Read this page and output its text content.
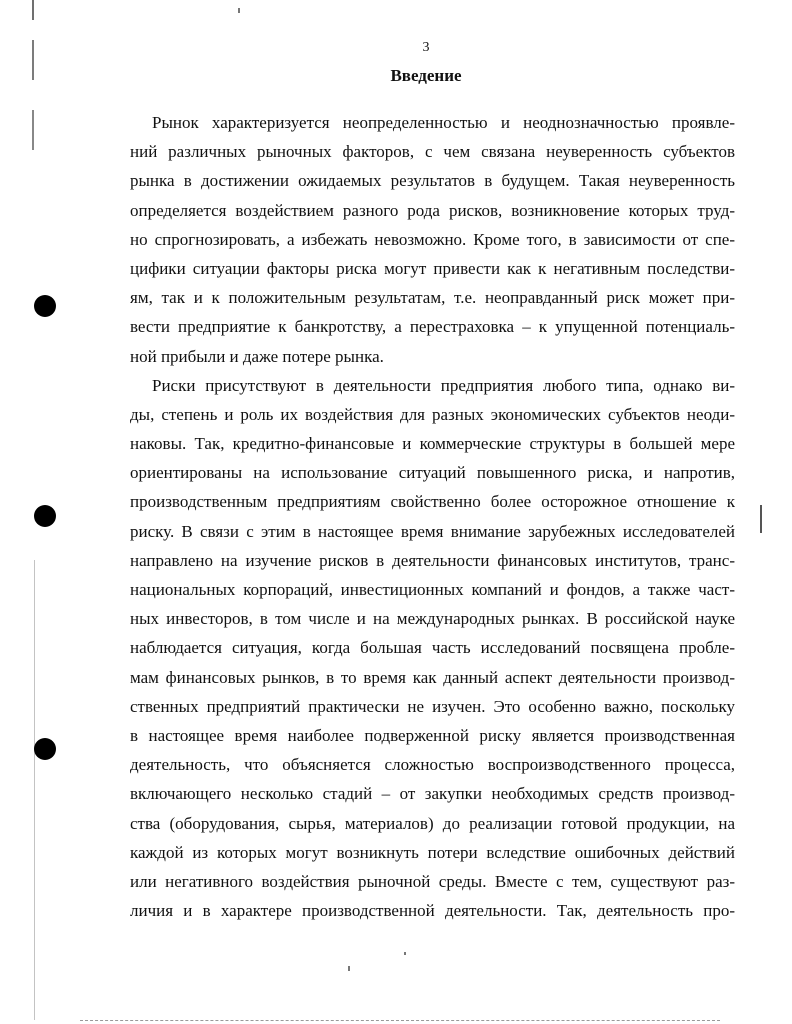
3
Введение
Рынок характеризуется неопределенностью и неоднозначностью проявле-
ний различных рыночных факторов, с чем связана неуверенность субъектов
рынка в достижении ожидаемых результатов в будущем. Такая неуверенность
определяется воздействием разного рода рисков, возникновение которых труд-
но спрогнозировать, а избежать невозможно. Кроме того, в зависимости от спе-
цифики ситуации факторы риска могут привести как к негативным последстви-
ям, так и к положительным результатам, т.е. неоправданный риск может при-
вести предприятие к банкротству, а перестраховка – к упущенной потенциаль-
ной прибыли и даже потере рынка.
Риски присутствуют в деятельности предприятия любого типа, однако ви-
ды, степень и роль их воздействия для разных экономических субъектов неоди-
наковы. Так, кредитно-финансовые и коммерческие структуры в большей мере
ориентированы на использование ситуаций повышенного риска, и напротив,
производственным предприятиям свойственно более осторожное отношение к
риску. В связи с этим в настоящее время внимание зарубежных исследователей
направлено на изучение рисков в деятельности финансовых институтов, транс-
национальных корпораций, инвестиционных компаний и фондов, а также част-
ных инвесторов, в том числе и на международных рынках. В российской науке
наблюдается ситуация, когда большая часть исследований посвящена пробле-
мам финансовых рынков, в то время как данный аспект деятельности производ-
ственных предприятий практически не изучен. Это особенно важно, поскольку
в настоящее время наиболее подверженной риску является производственная
деятельность, что объясняется сложностью воспроизводственного процесса,
включающего несколько стадий – от закупки необходимых средств производ-
ства (оборудования, сырья, материалов) до реализации готовой продукции, на
каждой из которых могут возникнуть потери вследствие ошибочных действий
или негативного воздействия рыночной среды. Вместе с тем, существуют раз-
личия и в характере производственной деятельности. Так, деятельность про-
